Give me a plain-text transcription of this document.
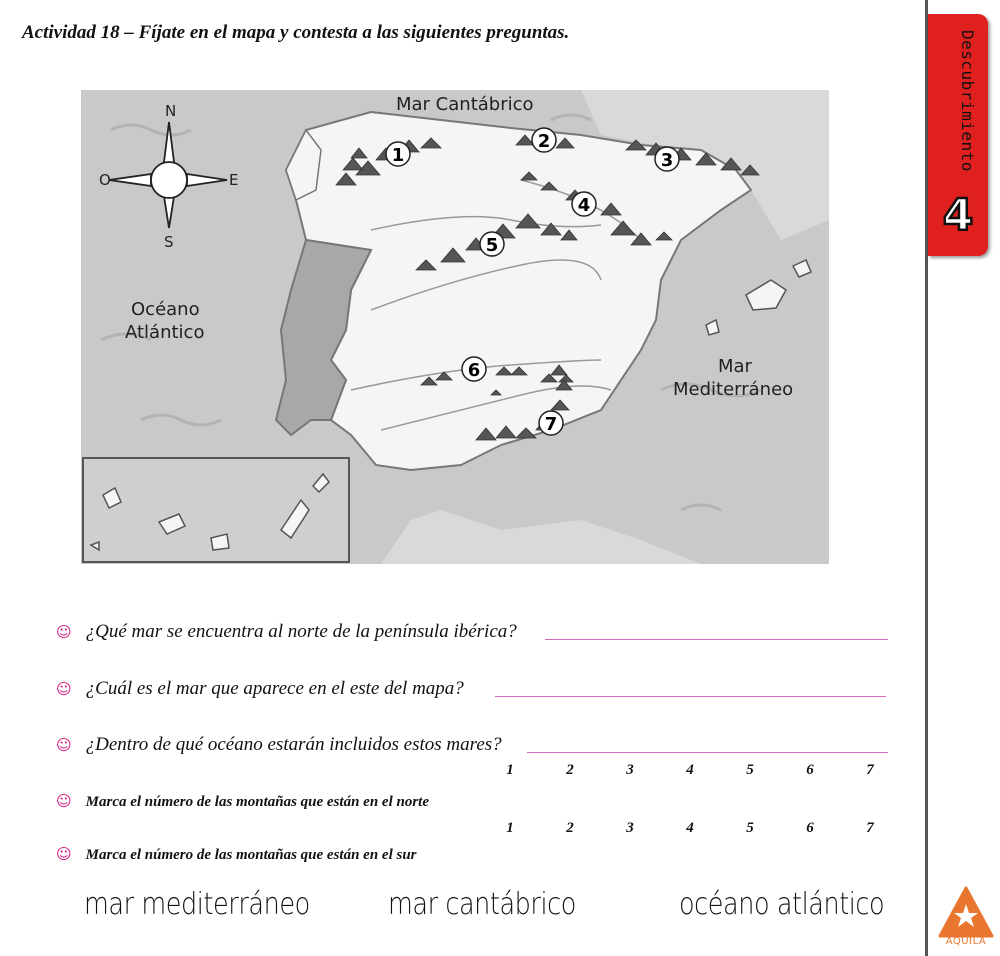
Actividad 18 – Fíjate en el mapa y contesta a las siguientes preguntas.
N
S
E
O
Mar Cantábrico
Océano
Atlántico
Mar
Mediterráneo
1
2
3
4
5
6
7
☺ ¿Qué mar se encuentra al norte de la península ibérica?
☺ ¿Cuál es el mar que aparece en el este del mapa?
☺ ¿Dentro de qué océano estarán incluidos estos mares?
1	2	3	4	5	6	7
☺ Marca el número de las montañas que están en el norte
1	2	3	4	5	6	7
☺ Marca el número de las montañas que están en el sur
mar mediterráneo	mar cantábrico	océano atlántico
Descubrimiento
4
COLEGIO
AQUILA
